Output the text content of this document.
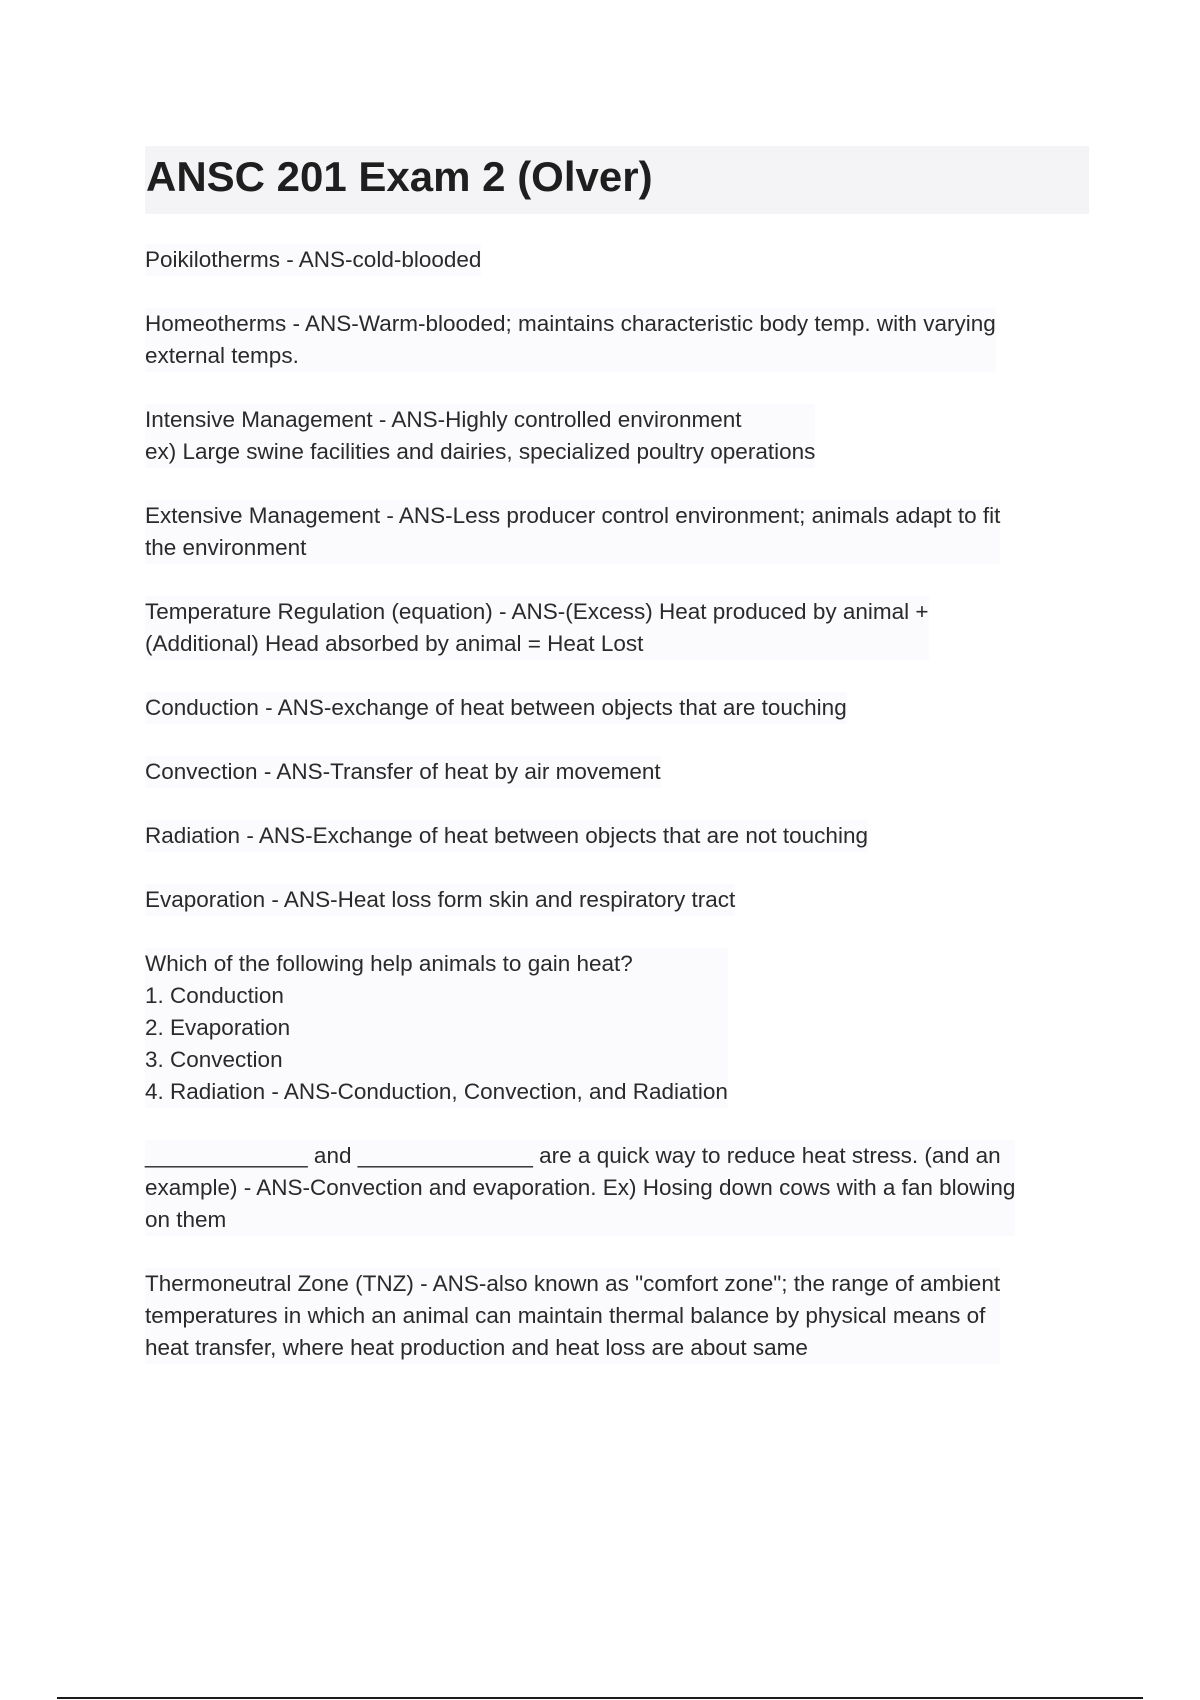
ANSC 201 Exam 2 (Olver)

Poikilotherms - ANS-cold-blooded

Homeotherms - ANS-Warm-blooded; maintains characteristic body temp. with varying
external temps.

Intensive Management - ANS-Highly controlled environment
ex) Large swine facilities and dairies, specialized poultry operations

Extensive Management - ANS-Less producer control environment; animals adapt to fit
the environment

Temperature Regulation (equation) - ANS-(Excess) Heat produced by animal +
(Additional) Head absorbed by animal = Heat Lost

Conduction - ANS-exchange of heat between objects that are touching

Convection - ANS-Transfer of heat by air movement

Radiation - ANS-Exchange of heat between objects that are not touching

Evaporation - ANS-Heat loss form skin and respiratory tract

Which of the following help animals to gain heat?
1. Conduction
2. Evaporation
3. Convection
4. Radiation - ANS-Conduction, Convection, and Radiation

_____________ and ______________ are a quick way to reduce heat stress. (and an
example) - ANS-Convection and evaporation. Ex) Hosing down cows with a fan blowing
on them

Thermoneutral Zone (TNZ) - ANS-also known as "comfort zone"; the range of ambient
temperatures in which an animal can maintain thermal balance by physical means of
heat transfer, where heat production and heat loss are about same
